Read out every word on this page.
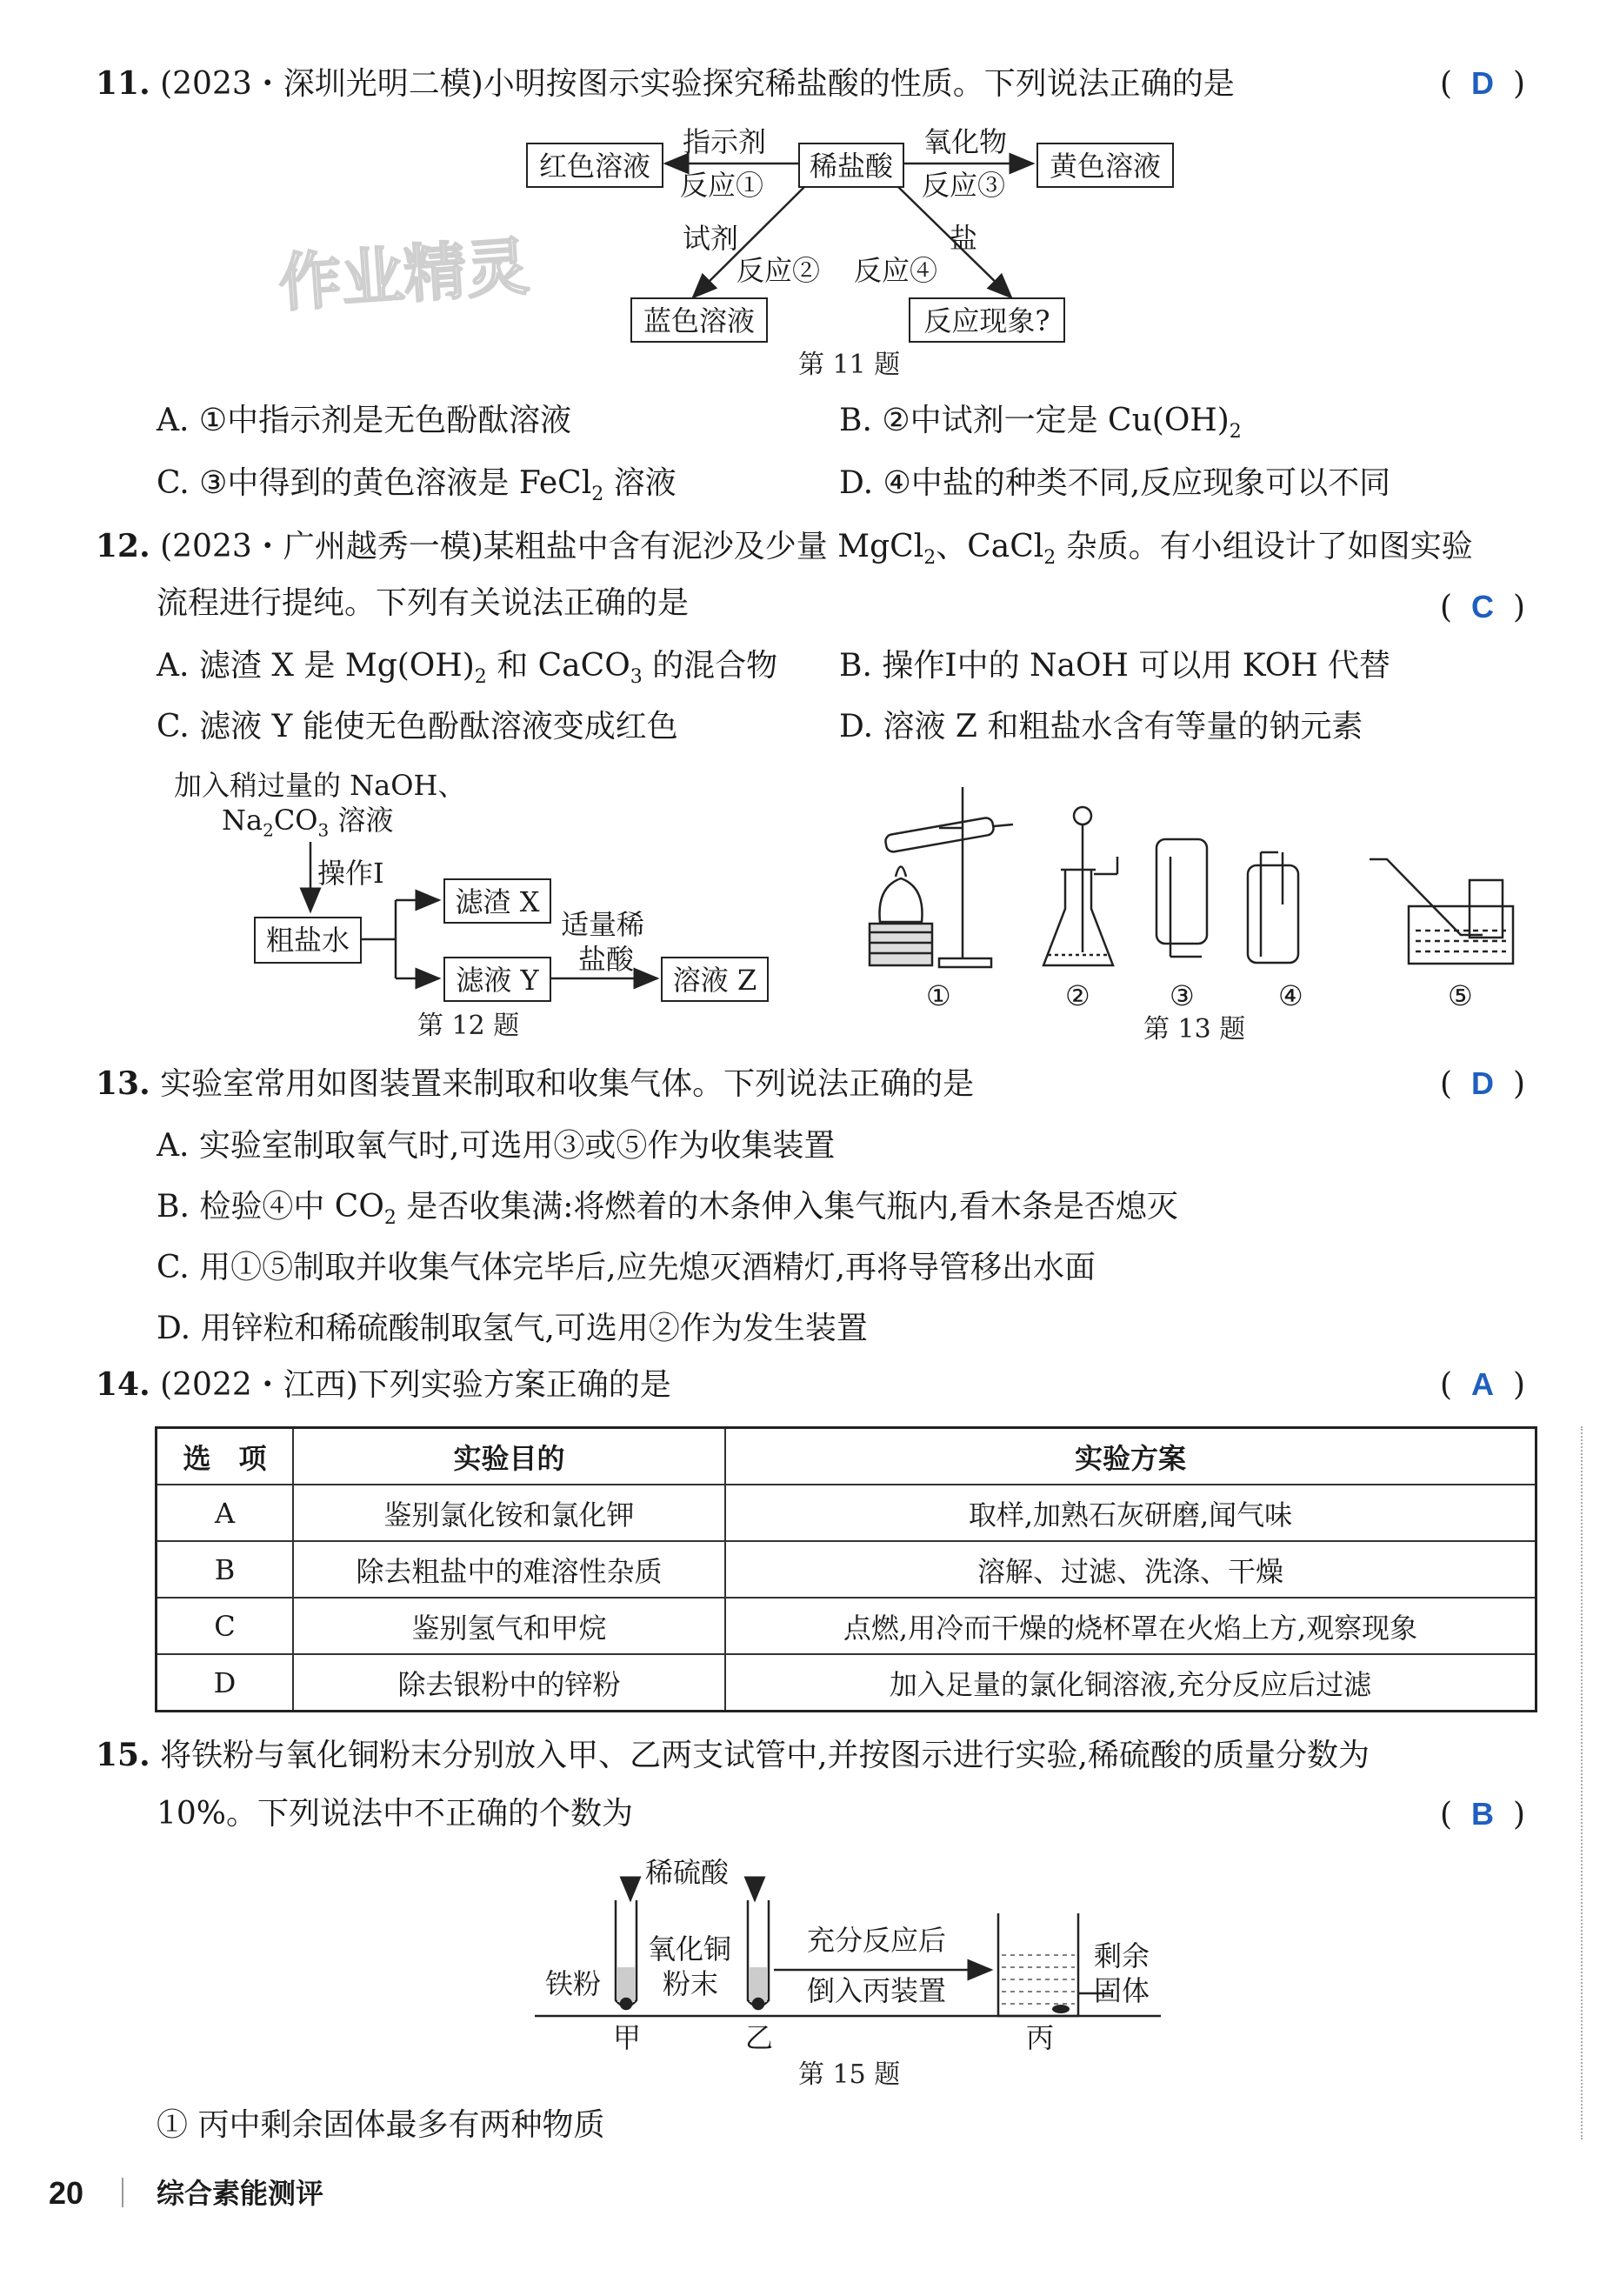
作业精灵
11. (2023・深圳光明二模)小明按图示实验探究稀盐酸的性质。下列说法正确的是	( D )
稀盐酸
红色溶液	黄色溶液
蓝色溶液	反应现象?
指示剂
反应①
氧化物
反应③
试剂
反应②
盐
反应④
第 11 题
A. ①中指示剂是无色酚酞溶液	B. ②中试剂一定是 $Cu(OH)_2$
C. ③中得到的黄色溶液是 FeCl$_2$ 溶液	D. ④中盐的种类不同,反应现象可以不同
12. (2023・广州越秀一模)某粗盐中含有泥沙及少量 MgCl$_2$、CaCl$_2$ 杂质。有小组设计了如图实验
流程进行提纯。下列有关说法正确的是	( C )
A. 滤渣 X 是 $Mg(OH)_2$ 和 CaCO$_3$ 的混合物 B. 操作Ⅰ中的 NaOH 可以用 KOH 代替
C. 滤液 Y 能使无色酚酞溶液变成红色	D. 溶液 Z 和粗盐水含有等量的钠元素
加入稍过量的 NaOH、
$Na_2CO_3$ 溶液
操作Ⅰ
粗盐水
滤渣 X
滤液 Y
适量稀
盐酸
溶液 Z
第 12 题
①	②	③	④	⑤
第 13 题
13. 实验室常用如图装置来制取和收集气体。下列说法正确的是	( D )
A. 实验室制取氧气时,可选用③或⑤作为收集装置
B. 检验④中 $CO_2$ 是否收集满:将燃着的木条伸入集气瓶内,看木条是否熄灭
C. 用①⑤制取并收集气体完毕后,应先熄灭酒精灯,再将导管移出水面
D. 用锌粒和稀硫酸制取氢气,可选用②作为发生装置
14. (2022・江西)下列实验方案正确的是	( A )
选　项	实验目的	实验方案
A	鉴别氯化铵和氯化钾	取样,加熟石灰研磨,闻气味
B	除去粗盐中的难溶性杂质	溶解、过滤、洗涤、干燥
C	鉴别氢气和甲烷	点燃,用冷而干燥的烧杯罩在火焰上方,观察现象
D	除去银粉中的锌粉	加入足量的氯化铜溶液,充分反应后过滤
15. 将铁粉与氧化铜粉末分别放入甲、乙两支试管中,并按图示进行实验,稀硫酸的质量分数为
10%。下列说法中不正确的个数为	( B )
稀硫酸
铁粉
氧化铜
粉末
充分反应后
倒入丙装置
剩余
固体
甲	乙	丙
第 15 题
① 丙中剩余固体最多有两种物质
20	综合素能测评
